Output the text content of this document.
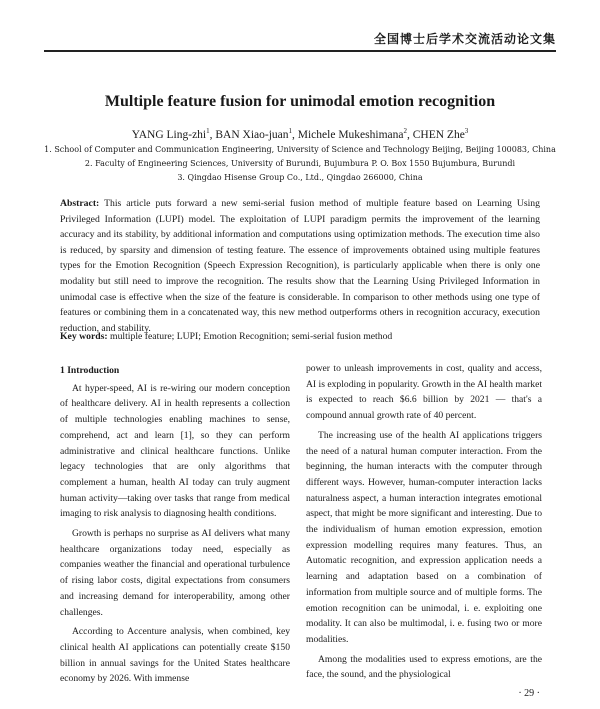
全国博士后学术交流活动论文集
Multiple feature fusion for unimodal emotion recognition
YANG Ling-zhi$^1$, BAN Xiao-juan$^1$, Michele Mukeshimana$^2$, CHEN Zhe$^3$
1. School of Computer and Communication Engineering, University of Science and Technology Beijing, Beijing 100083, China
2. Faculty of Engineering Sciences, University of Burundi, Bujumbura P. O. Box 1550 Bujumbura, Burundi
3. Qingdao Hisense Group Co., Ltd., Qingdao 266000, China
Abstract: This article puts forward a new semi-serial fusion method of multiple feature based on Learning Using Privileged Information (LUPI) model. The exploitation of LUPI paradigm permits the improvement of the learning accuracy and its stability, by additional information and computations using optimization methods. The execution time also is reduced, by sparsity and dimension of testing feature. The essence of improvements obtained using multiple features types for the Emotion Recognition (Speech Expression Recognition), is particularly applicable when there is only one modality but still need to improve the recognition. The results show that the Learning Using Privileged Information in unimodal case is effective when the size of the feature is considerable. In comparison to other methods using one type of features or combining them in a concatenated way, this new method outperforms others in recognition accuracy, execution reduction, and stability.
Key words: multiple feature; LUPI; Emotion Recognition; semi-serial fusion method

1 Introduction

At hyper-speed, AI is re-wiring our modern conception of healthcare delivery. AI in health represents a collection of multiple technologies enabling machines to sense, comprehend, act and learn [1], so they can perform administrative and clinical healthcare functions. Unlike legacy technologies that are only algorithms that complement a human, health AI today can truly augment human activity—taking over tasks that range from medical imaging to risk analysis to diagnosing health conditions.

Growth is perhaps no surprise as AI delivers what many healthcare organizations today need, especially as companies weather the financial and operational turbulence of rising labor costs, digital expectations from consumers and increasing demand for interoperability, among other challenges.

According to Accenture analysis, when combined, key clinical health AI applications can potentially create $150 billion in annual savings for the United States healthcare economy by 2026. With immense

power to unleash improvements in cost, quality and access, AI is exploding in popularity. Growth in the AI health market is expected to reach $6.6 billion by 2021 — that's a compound annual growth rate of 40 percent.

The increasing use of the health AI applications triggers the need of a natural human computer interaction. From the beginning, the human interacts with the computer through different ways. However, human-computer interaction lacks naturalness aspect, a human interaction integrates emotional aspect, that might be more significant and interesting. Due to the individualism of human emotion expression, emotion expression modelling requires many features. Thus, an Automatic recognition, and expression application needs a learning and adaptation based on a combination of information from multiple source and of multiple forms. The emotion recognition can be unimodal, i. e. exploiting one modality. It can also be multimodal, i. e. fusing two or more modalities.

Among the modalities used to express emotions, are the face, the sound, and the physiological

· 29 ·
